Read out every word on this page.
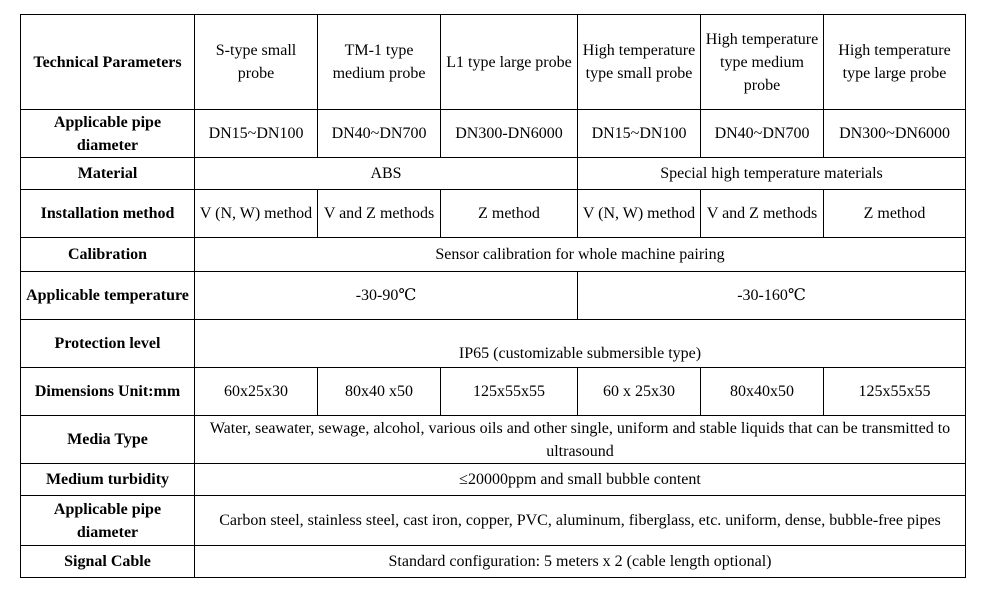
Technical Parameters	S-type small probe	TM-1 type medium probe	L1 type large probe	High temperature type small probe	High temperature type medium probe	High temperature type large probe
Applicable pipe diameter	DN15~DN100	DN40~DN700	DN300-DN6000	DN15~DN100	DN40~DN700	DN300~DN6000
Material	ABS			Special high temperature materials		
Installation method	V (N, W) method	V and Z methods	Z method	V (N, W) method	V and Z methods	Z method
Calibration	Sensor calibration for whole machine pairing					
Applicable temperature	-30-90℃			-30-160℃		
Protection level	IP65 (customizable submersible type)					
Dimensions Unit:mm	60x25x30	80x40 x50	125x55x55	60 x 25x30	80x40x50	125x55x55
Media Type	Water, seawater, sewage, alcohol, various oils and other single, uniform and stable liquids that can be transmitted to ultrasound					
Medium turbidity	≤20000ppm and small bubble content					
Applicable pipe diameter	Carbon steel, stainless steel, cast iron, copper, PVC, aluminum, fiberglass, etc. uniform, dense, bubble-free pipes					
Signal Cable	Standard configuration: 5 meters x 2 (cable length optional)					
